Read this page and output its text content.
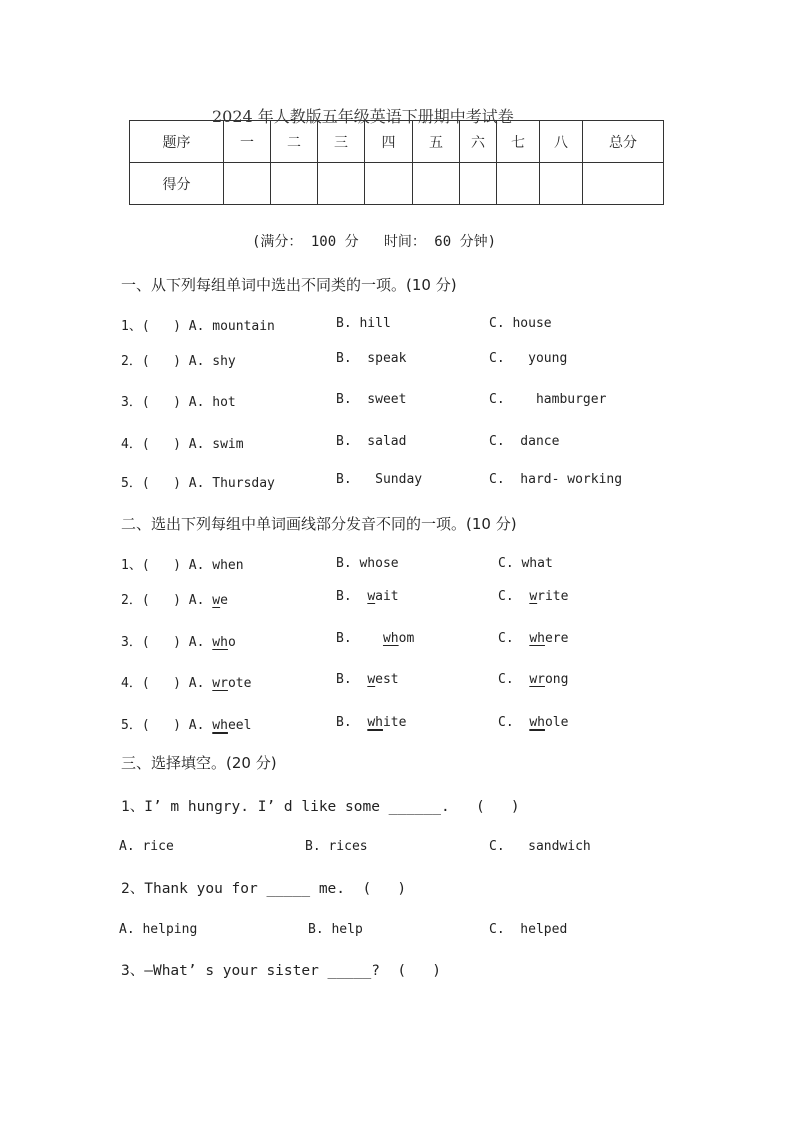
2024 年人教版五年级英语下册期中考试卷
题序	一	二	三	四	五	六	七	八	总分
得分									
(满分： 100 分   时间： 60 分钟)
一、从下列每组单词中选出不同类的一项。(10 分)
1、(   ) A. mountain	B. hill	C. house
2．(   ) A. shy	B.  speak	C.   young
3．(   ) A. hot	B.  sweet	C.    hamburger
4．(   ) A. swim	B.  salad	C.  dance
5．(   ) A. Thursday	B.   Sunday	C.  hard- working
二、选出下列每组中单词画线部分发音不同的一项。(10 分)
1、(   ) A. when	B. whose	C. what
2．(   ) A. we	B.  wait	C.  write
3．(   ) A. who	B.    whom	C.  where
4．(   ) A. wrote	B.  west	C.  wrong
5．(   ) A. wheel	B.  white	C.  whole
三、选择填空。(20 分)
1、I’ m hungry. I’ d like some ______.   (   )
A. rice	B. rices	C.   sandwich
2、Thank you for _____ me.  (   )
A. helping	B. help	C.  helped
3、—What’ s your sister _____?  (   )
